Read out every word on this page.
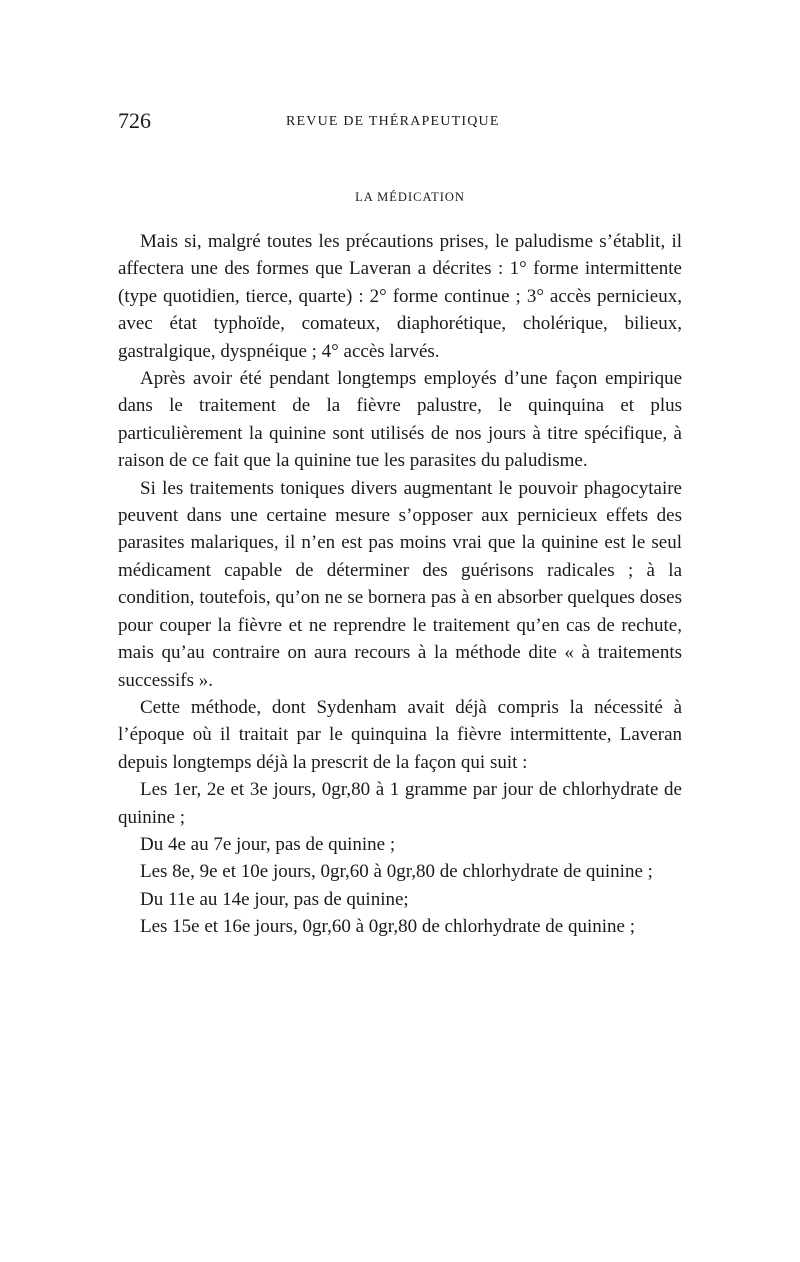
726	REVUE DE THÉRAPEUTIQUE
LA MÉDICATION

Mais si, malgré toutes les précautions prises, le paludisme s’établit, il affectera une des formes que Laveran a décrites : 1° forme intermittente (type quotidien, tierce, quarte) : 2° forme continue ; 3° accès pernicieux, avec état typhoïde, comateux, diaphorétique, cholérique, bilieux, gastralgique, dyspnéique ; 4° accès larvés.

Après avoir été pendant longtemps employés d’une façon empirique dans le traitement de la fièvre palustre, le quinquina et plus particulièrement la quinine sont utilisés de nos jours à titre spécifique, à raison de ce fait que la quinine tue les parasites du paludisme.

Si les traitements toniques divers augmentant le pouvoir phagocytaire peuvent dans une certaine mesure s’opposer aux pernicieux effets des parasites malariques, il n’en est pas moins vrai que la quinine est le seul médicament capable de déterminer des guérisons radicales ; à la condition, toutefois, qu’on ne se bornera pas à en absorber quelques doses pour couper la fièvre et ne reprendre le traitement qu’en cas de rechute, mais qu’au contraire on aura recours à la méthode dite « à traitements successifs ».

Cette méthode, dont Sydenham avait déjà compris la nécessité à l’époque où il traitait par le quinquina la fièvre intermittente, Laveran depuis longtemps déjà la prescrit de la façon qui suit :

Les 1er, 2e et 3e jours, 0gr,80 à 1 gramme par jour de chlorhydrate de quinine ;

Du 4e au 7e jour, pas de quinine ;

Les 8e, 9e et 10e jours, 0gr,60 à 0gr,80 de chlorhydrate de quinine ;

Du 11e au 14e jour, pas de quinine;

Les 15e et 16e jours, 0gr,60 à 0gr,80 de chlorhydrate de quinine ;
